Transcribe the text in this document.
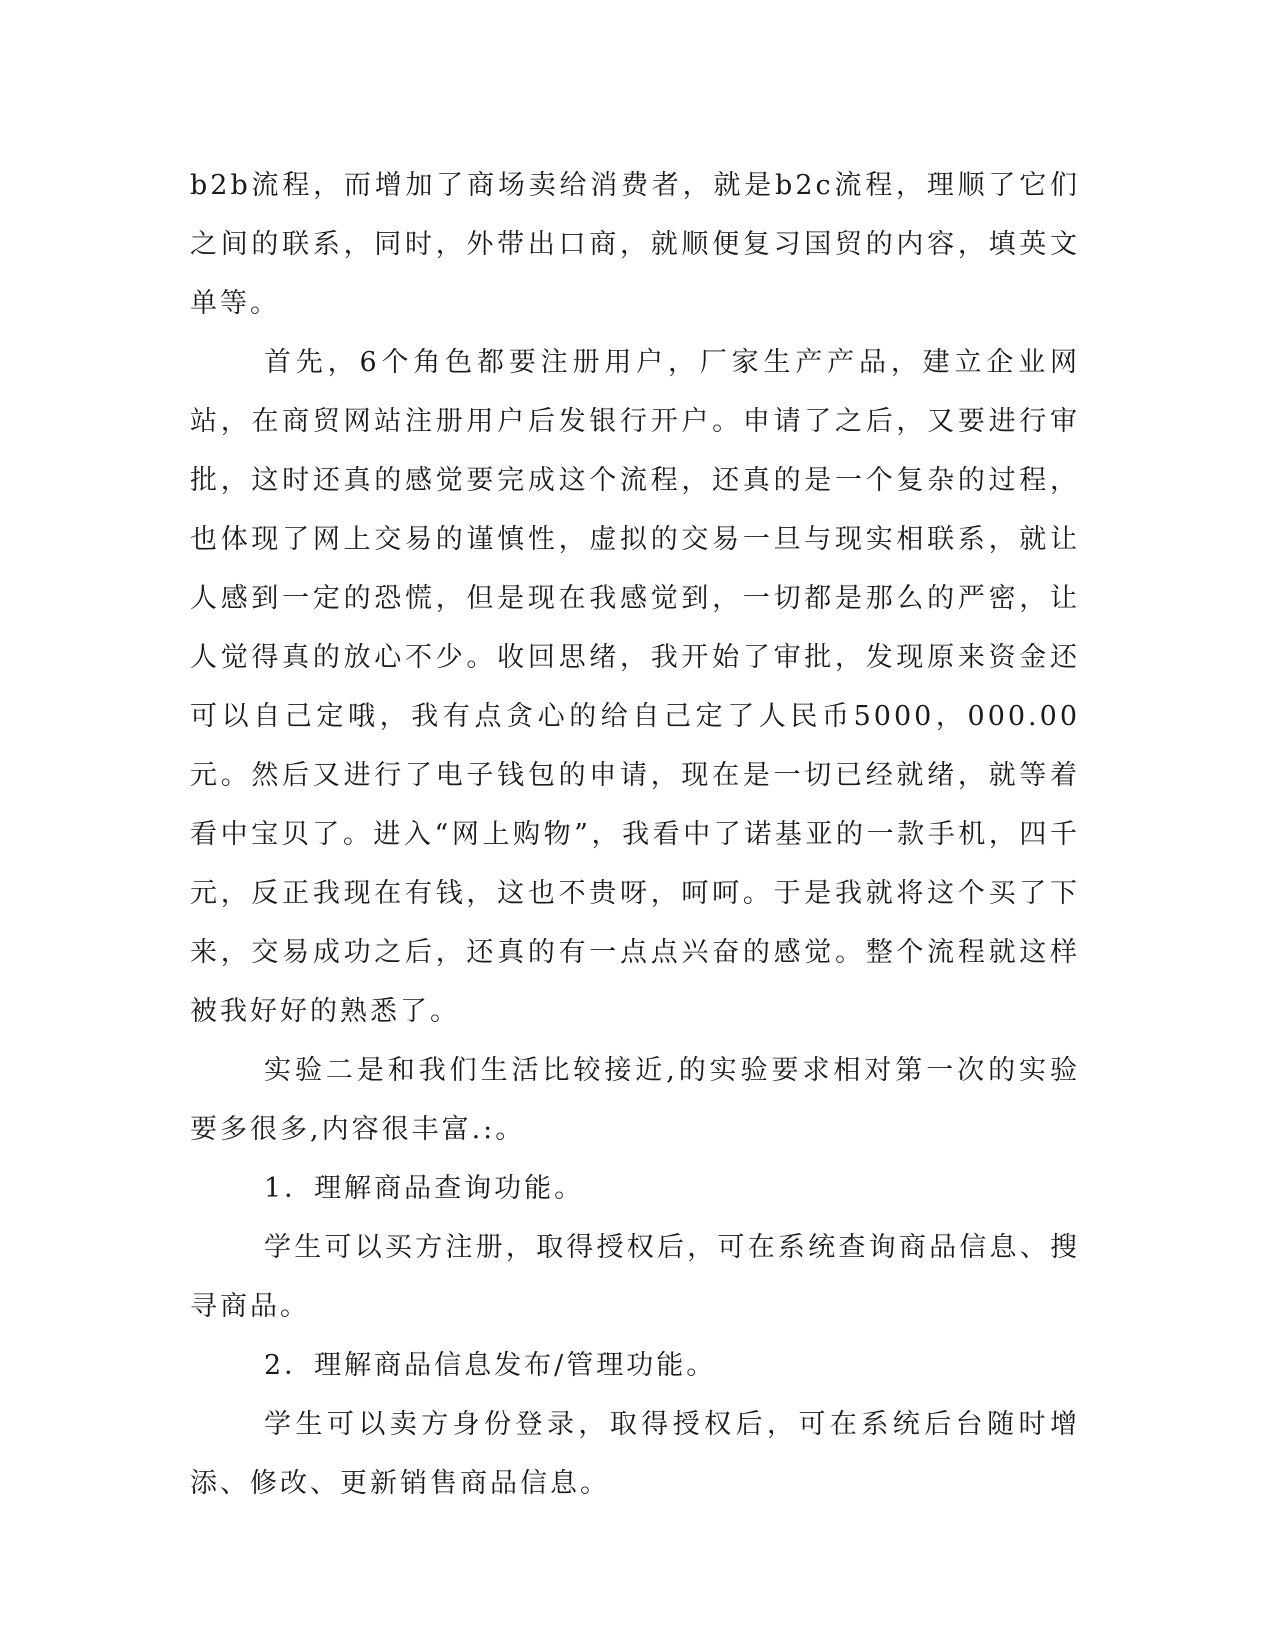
b2b流程，而增加了商场卖给消费者，就是b2c流程，理顺了它们之间的联系，同时，外带出口商，就顺便复习国贸的内容，填英文单等。

首先，6个角色都要注册用户，厂家生产产品，建立企业网站，在商贸网站注册用户后发银行开户。申请了之后，又要进行审批，这时还真的感觉要完成这个流程，还真的是一个复杂的过程，也体现了网上交易的谨慎性，虚拟的交易一旦与现实相联系，就让人感到一定的恐慌，但是现在我感觉到，一切都是那么的严密，让人觉得真的放心不少。收回思绪，我开始了审批，发现原来资金还可以自己定哦，我有点贪心的给自己定了人民币5000，000.00元。然后又进行了电子钱包的申请，现在是一切已经就绪，就等着看中宝贝了。进入“网上购物”，我看中了诺基亚的一款手机，四千元，反正我现在有钱，这也不贵呀，呵呵。于是我就将这个买了下来，交易成功之后，还真的有一点点兴奋的感觉。整个流程就这样被我好好的熟悉了。

实验二是和我们生活比较接近,的实验要求相对第一次的实验要多很多,内容很丰富.:。

1．理解商品查询功能。

学生可以买方注册，取得授权后，可在系统查询商品信息、搜寻商品。

2．理解商品信息发布/管理功能。

学生可以卖方身份登录，取得授权后，可在系统后台随时增添、修改、更新销售商品信息。
